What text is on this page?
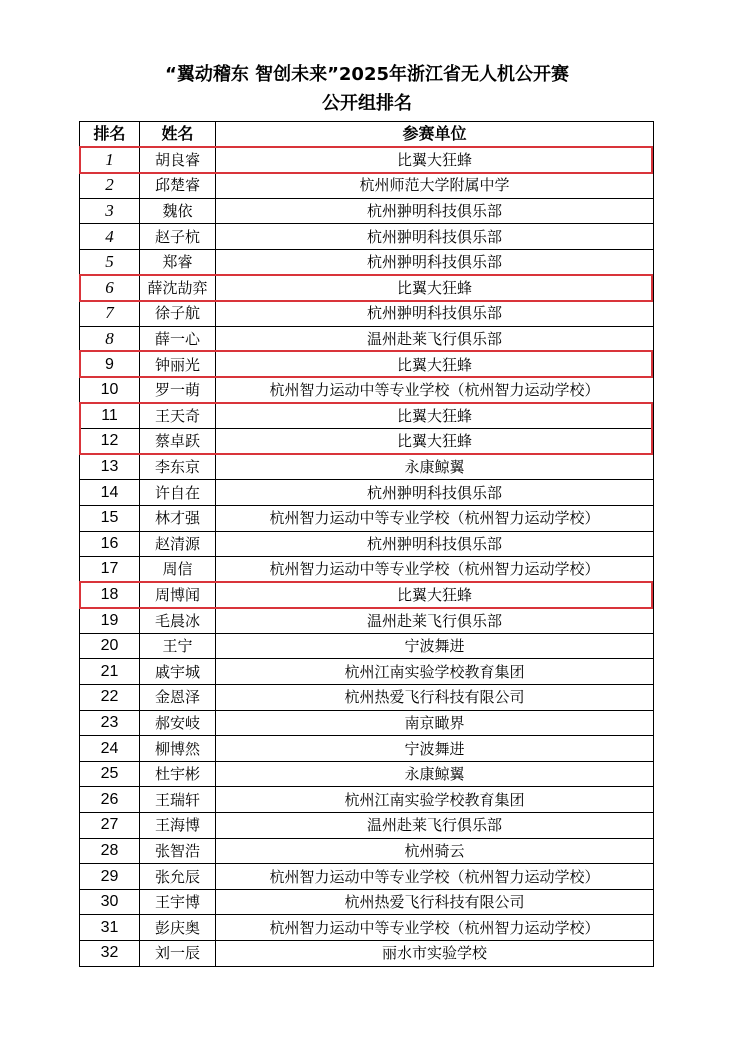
“翼动稽东 智创未来”2025年浙江省无人机公开赛
公开组排名
排名	姓名	参赛单位
1	胡良睿	比翼大狂蜂
2	邱楚睿	杭州师范大学附属中学
3	魏依	杭州翀明科技俱乐部
4	赵子杭	杭州翀明科技俱乐部
5	郑睿	杭州翀明科技俱乐部
6	薛沈劼弈	比翼大狂蜂
7	徐子航	杭州翀明科技俱乐部
8	薛一心	温州赴莱飞行俱乐部
9	钟丽光	比翼大狂蜂
10	罗一萌	杭州智力运动中等专业学校（杭州智力运动学校）
11	王天奇	比翼大狂蜂
12	蔡卓跃	比翼大狂蜂
13	李东京	永康鲸翼
14	许自在	杭州翀明科技俱乐部
15	林才强	杭州智力运动中等专业学校（杭州智力运动学校）
16	赵清源	杭州翀明科技俱乐部
17	周信	杭州智力运动中等专业学校（杭州智力运动学校）
18	周博闻	比翼大狂蜂
19	毛晨冰	温州赴莱飞行俱乐部
20	王宁	宁波舞进
21	戚宇城	杭州江南实验学校教育集团
22	金恩泽	杭州热爱飞行科技有限公司
23	郝安岐	南京瞰界
24	柳博然	宁波舞进
25	杜宇彬	永康鲸翼
26	王瑞轩	杭州江南实验学校教育集团
27	王海博	温州赴莱飞行俱乐部
28	张智浩	杭州骑云
29	张允辰	杭州智力运动中等专业学校（杭州智力运动学校）
30	王宇博	杭州热爱飞行科技有限公司
31	彭庆奥	杭州智力运动中等专业学校（杭州智力运动学校）
32	刘一辰	丽水市实验学校
